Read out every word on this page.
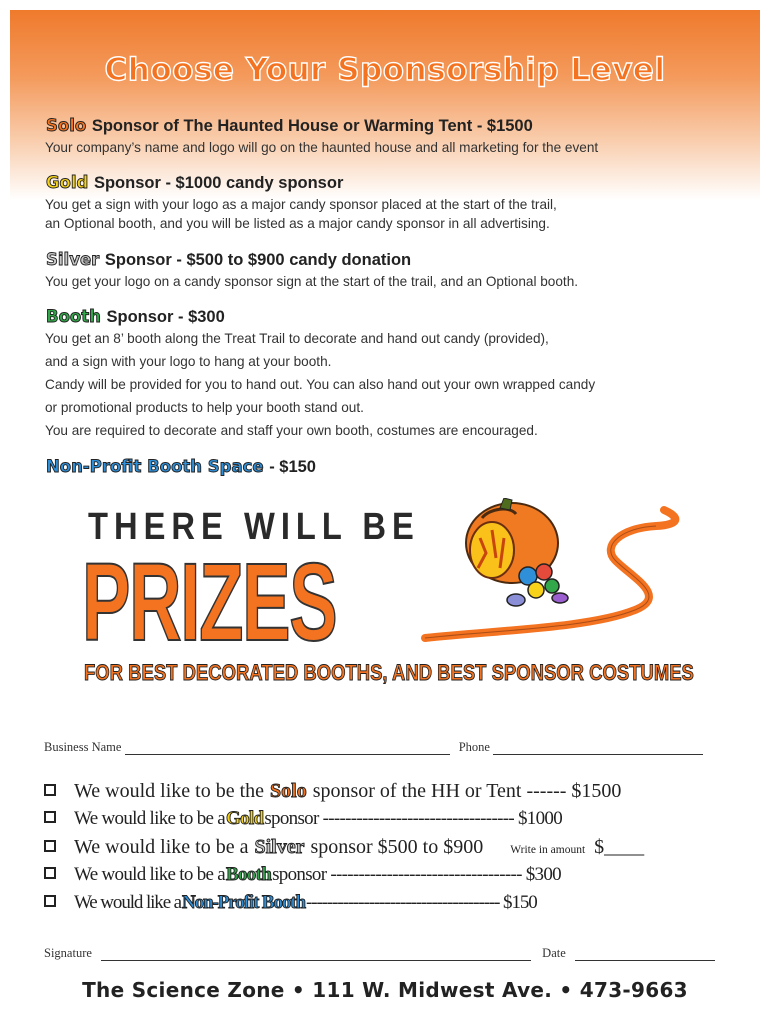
Choose Your Sponsorship Level
Solo Sponsor of The Haunted House or Warming Tent - $1500
Your company’s name and logo will go on the haunted house and all marketing for the event
Gold Sponsor - $1000 candy sponsor
You get a sign with your logo as a major candy sponsor placed at the start of the trail,
an Optional booth, and you will be listed as a major candy sponsor in all advertising.
Silver Sponsor - $500 to $900 candy donation
You get your logo on a candy sponsor sign at the start of the trail, and an Optional booth.
Booth Sponsor - $300
You get an 8’ booth along the Treat Trail to decorate and hand out candy (provided),
and a sign with your logo to hang at your booth.
Candy will be provided for you to hand out. You can also hand out your own wrapped candy
or promotional products to help your booth stand out.
You are required to decorate and staff your own booth, costumes are encouraged.
Non-Profit Booth Space - $150
THERE WILL BE
PRIZES
FOR BEST DECORATED BOOTHS, AND BEST SPONSOR COSTUMES
Business Name	Phone
We would like to be the Solo sponsor of the HH or Tent ------ $1500
We would like to be aGoldsponsor ---------------------------------- $1000
We would like to be a Silver sponsor $500 to $900 Write in amount $____
We would like to be aBoothsponsor ---------------------------------- $300
We would like aNon-Profit Booth------------------------------------- $150
Signature	Date
The Science Zone • 111 W. Midwest Ave. • 473-9663
